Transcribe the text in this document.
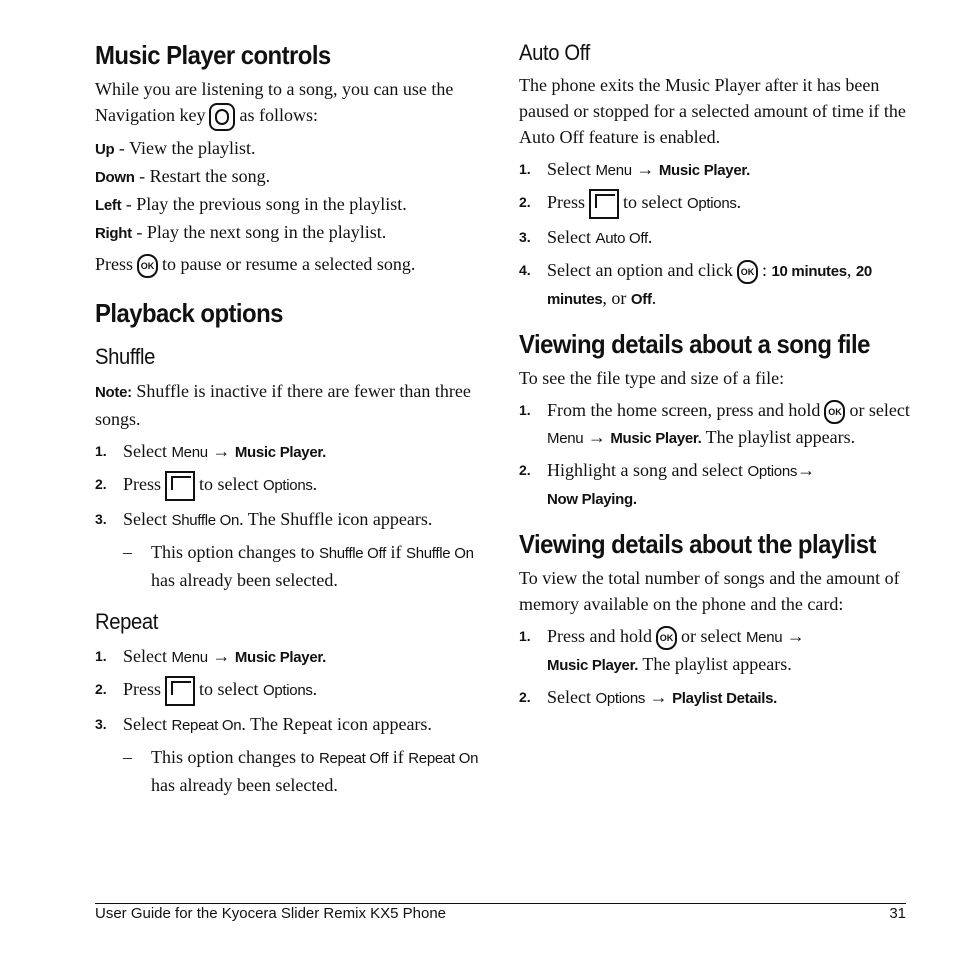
Music Player controls

While you are listening to a song, you can use the Navigation key as follows:

Up - View the playlist.

Down - Restart the song.

Left - Play the previous song in the playlist.

Right - Play the next song in the playlist.

Press OK to pause or resume a selected song.

Playback options
Shuffle

Note: Shuffle is inactive if there are fewer than three songs.

1. Select Menu → Music Player.
2. Press to select Options.
3. Select Shuffle On. The Shuffle icon appears.
– This option changes to Shuffle Off if Shuffle On has already been selected.
Repeat
1. Select Menu → Music Player.
2. Press to select Options.
3. Select Repeat On. The Repeat icon appears.
– This option changes to Repeat Off if Repeat On has already been selected.
Auto Off

The phone exits the Music Player after it has been paused or stopped for a selected amount of time if the Auto Off feature is enabled.

1. Select Menu → Music Player.
2. Press to select Options.
3. Select Auto Off.
4. Select an option and click OK : 10 minutes, 20 minutes, or Off.
Viewing details about a song file

To see the file type and size of a file:

1. From the home screen, press and hold OK or select Menu → Music Player. The playlist appears.
2. Highlight a song and select Options→
Now Playing.
Viewing details about the playlist

To view the total number of songs and the amount of memory available on the phone and the card:

1. Press and hold OK or select Menu →
Music Player. The playlist appears.
2. Select Options → Playlist Details.
User Guide for the Kyocera Slider Remix KX5 Phone	31
